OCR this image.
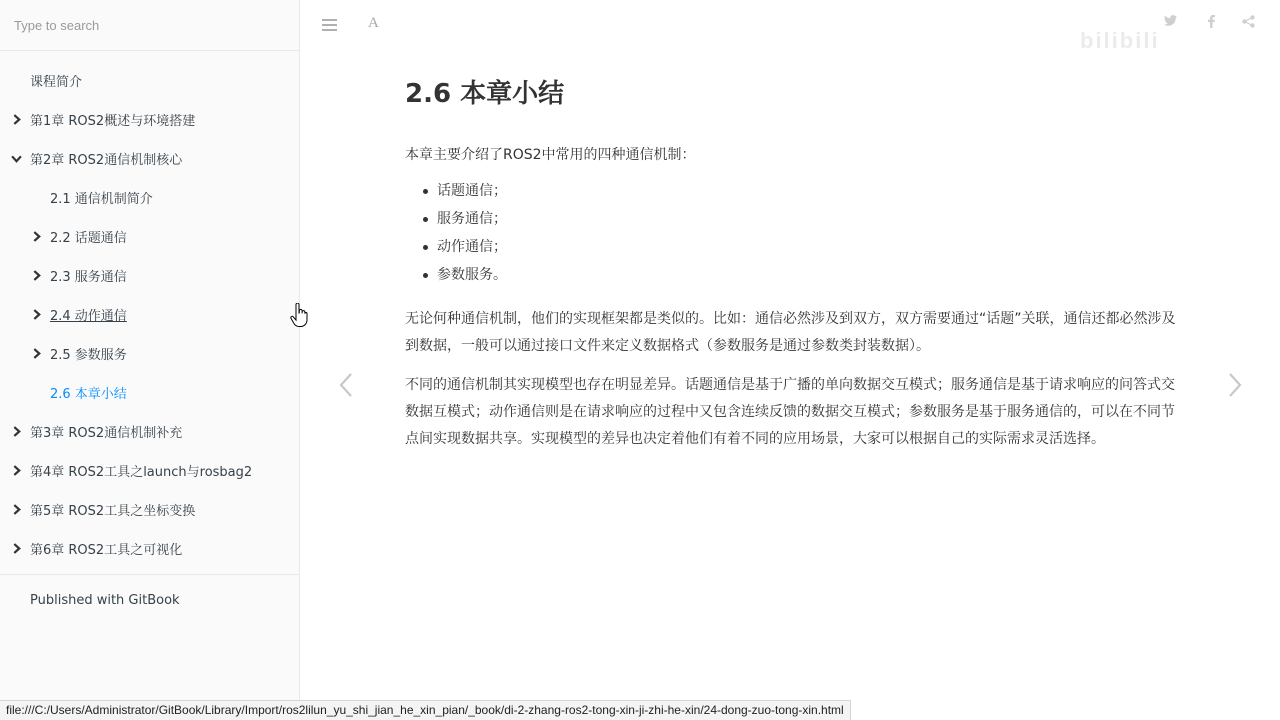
Type to search
课程简介
第1章 ROS2概述与环境搭建
第2章 ROS2通信机制核心
2.1 通信机制简介
2.2 话题通信
2.3 服务通信
2.4 动作通信
2.5 参数服务
2.6 本章小结
第3章 ROS2通信机制补充
第4章 ROS2工具之launch与rosbag2
第5章 ROS2工具之坐标变换
第6章 ROS2工具之可视化
Published with GitBook
A
bilibili
2.6 本章小结

本章主要介绍了ROS2中常用的四种通信机制：

话题通信；
服务通信；
动作通信；
参数服务。

无论何种通信机制，他们的实现框架都是类似的。比如：通信必然涉及到双方，双方需要通过“话题”关联，通信还都必然涉及到数据，一般可以通过接口文件来定义数据格式（参数服务是通过参数类封装数据）。

不同的通信机制其实现模型也存在明显差异。话题通信是基于广播的单向数据交互模式；服务通信是基于请求响应的问答式交数据互模式；动作通信则是在请求响应的过程中又包含连续反馈的数据交互模式；参数服务是基于服务通信的，可以在不同节点间实现数据共享。实现模型的差异也决定着他们有着不同的应用场景，大家可以根据自己的实际需求灵活选择。

file:///C:/Users/Administrator/GitBook/Library/Import/ros2lilun_yu_shi_jian_he_xin_pian/_book/di-2-zhang-ros2-tong-xin-ji-zhi-he-xin/24-dong-zuo-tong-xin.html
